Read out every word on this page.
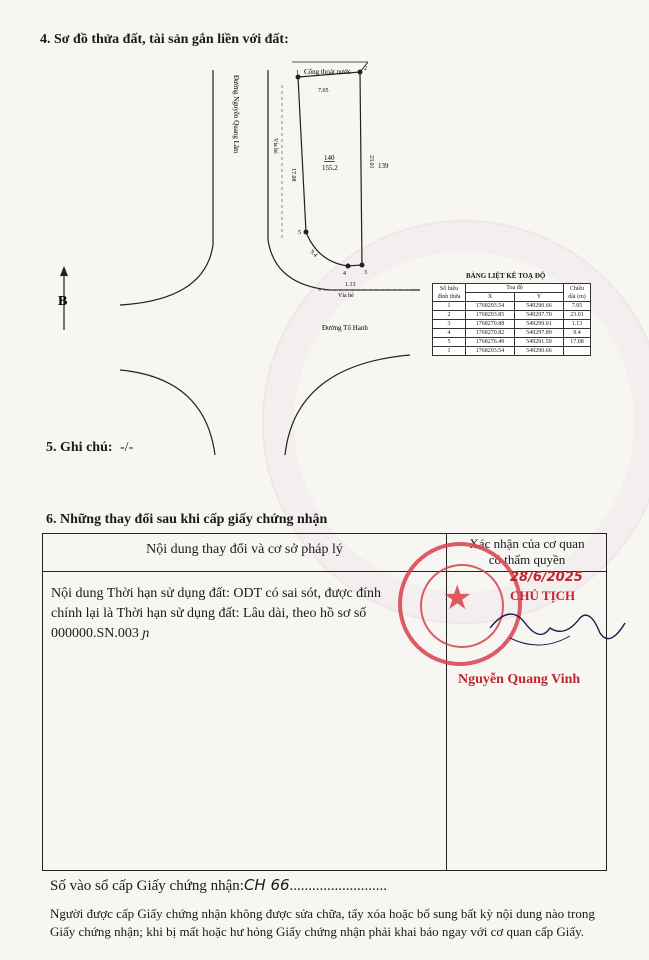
4. Sơ đồ thửa đất, tài sản gắn liền với đất:
Đường Nguyễn Quang Lâm	Vỉa hè
Cống thoát nước
1
2
3
4
5
7.05
17.08
23.01
1.13
9.4
140
155.2	139
Vỉa hè
Đường Tố Hanh
B
BẢNG LIỆT KÊ TOẠ ĐỘ
Số hiệu đỉnh thửa	Toạ độ		Chiều dài (m)
	X	Y	
1	1768293.54	549290.66	7.05
2	1768293.85	549297.70	23.01
3	1768270.88	549299.01	1.13
4	1768270.82	549297.89	9.4
5	1768276.49	549291.59	17.08
1	1768293.54	549290.66	
5. Ghi chú: -/-
6. Những thay đổi sau khi cấp giấy chứng nhận
Nội dung thay đổi và cơ sở pháp lý	Xác nhận của cơ quan
có thẩm quyền
Nội dung Thời hạn sử dụng đất: ODT có sai sót, được đính
chính lại là Thời hạn sử dụng đất: Lâu dài, theo hồ sơ số
000000.SN.003 ɲ
★
28/6/2025
CHỦ TỊCH
Nguyễn Quang Vinh
Số vào sổ cấp Giấy chứng nhận:CH 66..........................
Người được cấp Giấy chứng nhận không được sửa chữa, tẩy xóa hoặc bổ sung bất kỳ nội dung nào trong
Giấy chứng nhận; khi bị mất hoặc hư hỏng Giấy chứng nhận phải khai báo ngay với cơ quan cấp Giấy.
